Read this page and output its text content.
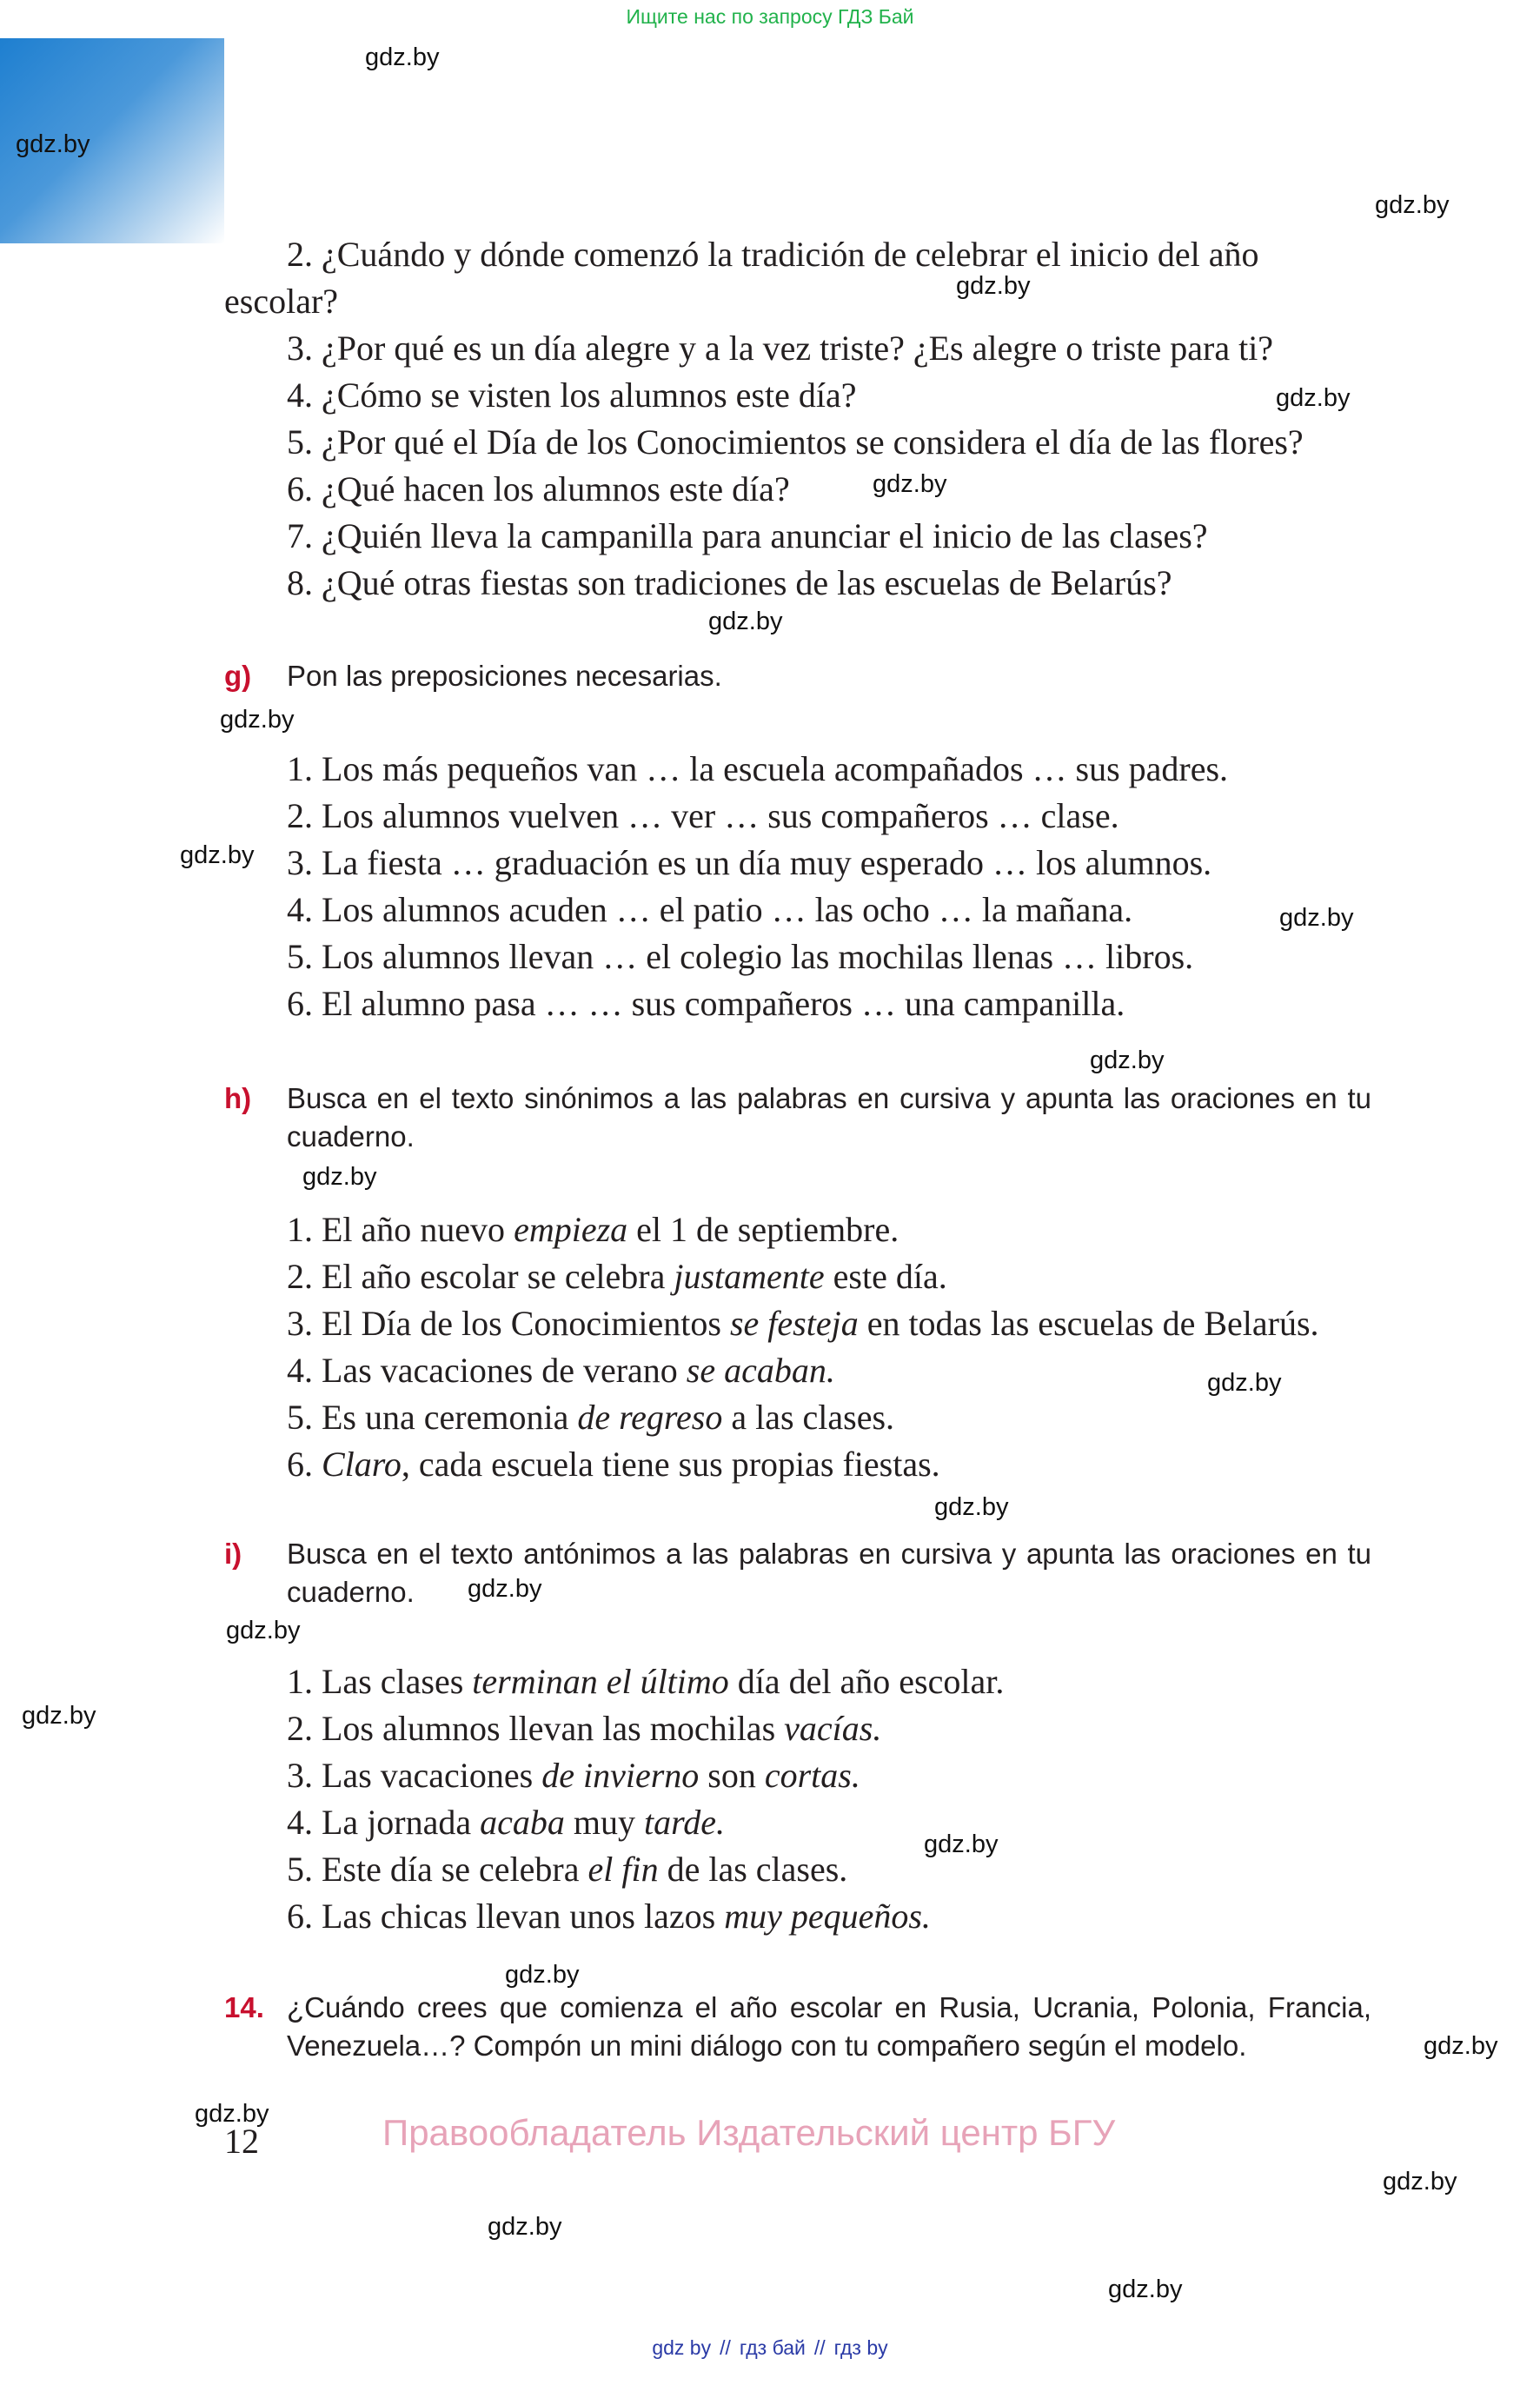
Ищите нас по запросу ГДЗ Бай
2. ¿Cuándo y dónde comenzó la tradición de celebrar el inicio del año
escolar?
3. ¿Por qué es un día alegre y a la vez triste? ¿Es alegre o triste para ti?
4. ¿Cómo se visten los alumnos este día?
5. ¿Por qué el Día de los Conocimientos se considera el día de las flores?
6. ¿Qué hacen los alumnos este día?
7. ¿Quién lleva la campanilla para anunciar el inicio de las clases?
8. ¿Qué otras fiestas son tradiciones de las escuelas de Belarús?
g) Pon las preposiciones necesarias.
1. Los más pequeños van … la escuela acompañados … sus padres.
2. Los alumnos vuelven … ver … sus compañeros … clase.
3. La fiesta … graduación es un día muy esperado … los alumnos.
4. Los alumnos acuden … el patio … las ocho … la mañana.
5. Los alumnos llevan … el colegio las mochilas llenas … libros.
6. El alumno pasa … … sus compañeros … una campanilla.
h) Busca en el texto sinónimos a las palabras en cursiva y apunta las oraciones en tu cuaderno.
1. El año nuevo empieza el 1 de septiembre.
2. El año escolar se celebra justamente este día.
3. El Día de los Conocimientos se festeja en todas las escuelas de Belarús.
4. Las vacaciones de verano se acaban.
5. Es una ceremonia de regreso a las clases.
6. Claro, cada escuela tiene sus propias fiestas.
i) Busca en el texto antónimos a las palabras en cursiva y apunta las oraciones en tu cuaderno.
1. Las clases terminan el último día del año escolar.
2. Los alumnos llevan las mochilas vacías.
3. Las vacaciones de invierno son cortas.
4. La jornada acaba muy tarde.
5. Este día se celebra el fin de las clases.
6. Las chicas llevan unos lazos muy pequeños.
14. ¿Cuándo crees que comienza el año escolar en Rusia, Ucrania, Polonia, Francia, Venezuela…? Compón un mini diálogo con tu compañero según el modelo.
12	Правообладатель Издательский центр БГУ
gdz.by
gdz.by
gdz.by
gdz.by
gdz.by
gdz.by
gdz.by
gdz.by
gdz.by
gdz.by
gdz.by
gdz.by
gdz.by
gdz.by
gdz.by
gdz.by
gdz.by
gdz.by
gdz.by
gdz.by
gdz.by
gdz.by
gdz.by
gdz.by
gdz by // гдз бай // гдз by
